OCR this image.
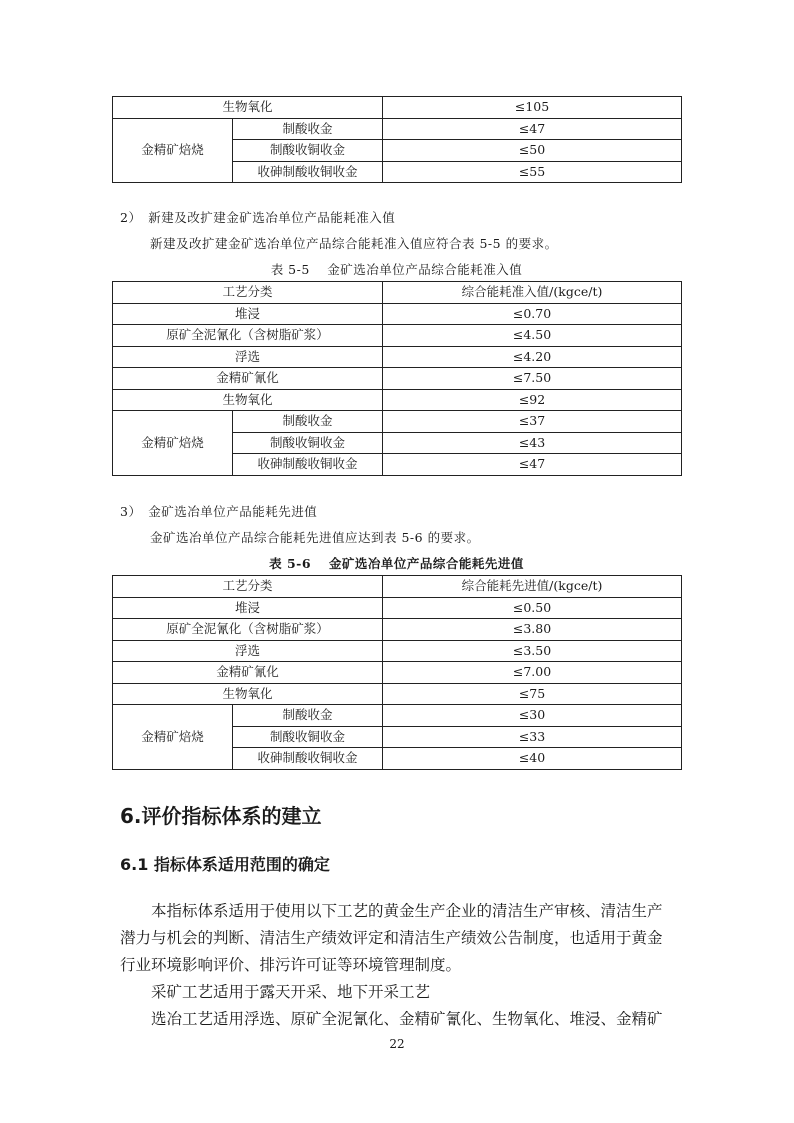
生物氧化		≤105
金精矿焙烧	制酸收金	≤47
	制酸收铜收金	≤50
	收砷制酸收铜收金	≤55
2）　新建及改扩建金矿选冶单位产品能耗准入值
新建及改扩建金矿选冶单位产品综合能耗准入值应符合表 5-5 的要求。
表 5-5　 金矿选冶单位产品综合能耗准入值
工艺分类		综合能耗准入值/(kgce/t)
堆浸		≤0.70
原矿全泥氰化（含树脂矿浆）		≤4.50
浮选		≤4.20
金精矿氰化		≤7.50
生物氧化		≤92
金精矿焙烧	制酸收金	≤37
	制酸收铜收金	≤43
	收砷制酸收铜收金	≤47
3）　金矿选冶单位产品能耗先进值
金矿选冶单位产品综合能耗先进值应达到表 5-6 的要求。
表 5-6　 金矿选冶单位产品综合能耗先进值
工艺分类		综合能耗先进值/(kgce/t)
堆浸		≤0.50
原矿全泥氰化（含树脂矿浆）		≤3.80
浮选		≤3.50
金精矿氰化		≤7.00
生物氧化		≤75
金精矿焙烧	制酸收金	≤30
	制酸收铜收金	≤33
	收砷制酸收铜收金	≤40
6.评价指标体系的建立
6.1 指标体系适用范围的确定

本指标体系适用于使用以下工艺的黄金生产企业的清洁生产审核、清洁生产

潜力与机会的判断、清洁生产绩效评定和清洁生产绩效公告制度，也适用于黄金

行业环境影响评价、排污许可证等环境管理制度。

采矿工艺适用于露天开采、地下开采工艺

选冶工艺适用浮选、原矿全泥氰化、金精矿氰化、生物氧化、堆浸、金精矿

22
